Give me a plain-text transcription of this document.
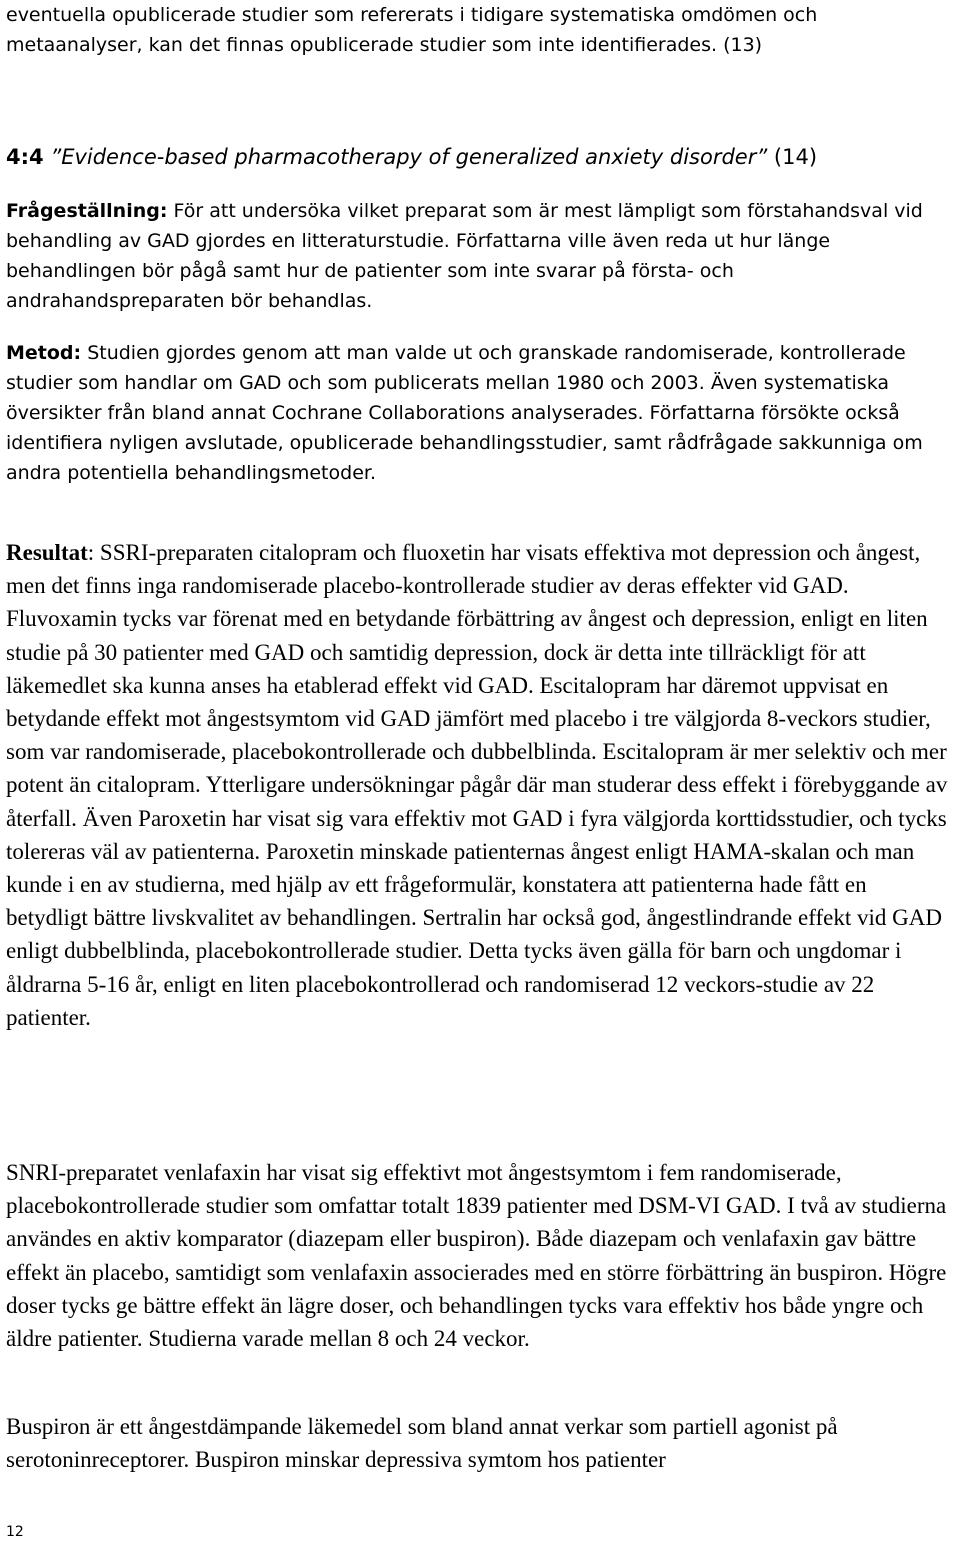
eventuella opublicerade studier som refererats i tidigare systematiska omdömen och metaanalyser, kan det finnas opublicerade studier som inte identifierades. (13)

4:4 ”Evidence-based pharmacotherapy of generalized anxiety disorder” (14)

Frågeställning: För att undersöka vilket preparat som är mest lämpligt som förstahandsval vid behandling av GAD gjordes en litteraturstudie. Författarna ville även reda ut hur länge behandlingen bör pågå samt hur de patienter som inte svarar på första- och andrahandspreparaten bör behandlas.

Metod: Studien gjordes genom att man valde ut och granskade randomiserade, kontrollerade studier som handlar om GAD och som publicerats mellan 1980 och 2003. Även systematiska översikter från bland annat Cochrane Collaborations analyserades. Författarna försökte också identifiera nyligen avslutade, opublicerade behandlingsstudier, samt rådfrågade sakkunniga om andra potentiella behandlingsmetoder.

Resultat: SSRI-preparaten citalopram och fluoxetin har visats effektiva mot depression och ångest, men det finns inga randomiserade placebo-kontrollerade studier av deras effekter vid GAD. Fluvoxamin tycks var förenat med en betydande förbättring av ångest och depression, enligt en liten studie på 30 patienter med GAD och samtidig depression, dock är detta inte tillräckligt för att läkemedlet ska kunna anses ha etablerad effekt vid GAD. Escitalopram har däremot uppvisat en betydande effekt mot ångestsymtom vid GAD jämfört med placebo i tre välgjorda 8-veckors studier, som var randomiserade, placebokontrollerade och dubbelblinda. Escitalopram är mer selektiv och mer potent än citalopram. Ytterligare undersökningar pågår där man studerar dess effekt i förebyggande av återfall. Även Paroxetin har visat sig vara effektiv mot GAD i fyra välgjorda korttidsstudier, och tycks tolereras väl av patienterna. Paroxetin minskade patienternas ångest enligt HAMA-skalan och man kunde i en av studierna, med hjälp av ett frågeformulär, konstatera att patienterna hade fått en betydligt bättre livskvalitet av behandlingen. Sertralin har också god, ångestlindrande effekt vid GAD enligt dubbelblinda, placebokontrollerade studier. Detta tycks även gälla för barn och ungdomar i åldrarna 5-16 år, enligt en liten placebokontrollerad och randomiserad 12 veckors-studie av 22 patienter.

SNRI-preparatet venlafaxin har visat sig effektivt mot ångestsymtom i fem randomiserade, placebokontrollerade studier som omfattar totalt 1839 patienter med DSM-VI GAD. I två av studierna användes en aktiv komparator (diazepam eller buspiron). Både diazepam och venlafaxin gav bättre effekt än placebo, samtidigt som venlafaxin associerades med en större förbättring än buspiron. Högre doser tycks ge bättre effekt än lägre doser, och behandlingen tycks vara effektiv hos både yngre och äldre patienter. Studierna varade mellan 8 och 24 veckor.

Buspiron är ett ångestdämpande läkemedel som bland annat verkar som partiell agonist på serotoninreceptorer. Buspiron minskar depressiva symtom hos patienter

12
